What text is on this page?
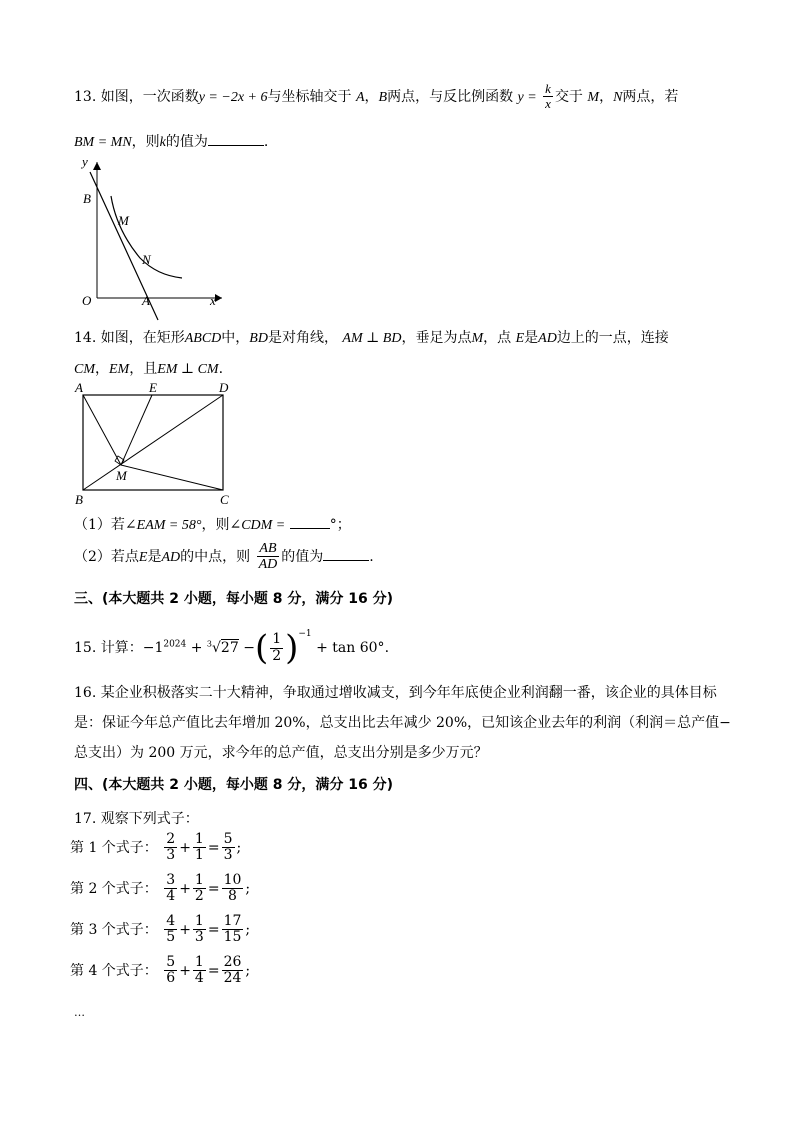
13. 如图，一次函数y = −2x + 6与坐标轴交于 A，B两点，与反比例函数 $y = \frac{k}{x}$ 交于 M，N两点，若
BM = MN，则k的值为	.
y
B
M
N
O	A	x
14. 如图，在矩形ABCD中，BD是对角线， AM ⊥ BD，垂足为点M，点 E是AD边上的一点，连接
CM，EM，且EM ⊥ CM.
A	E	D
M
B	C
（1）若∠EAM = 58°，则∠CDM =	°；
（2）若点E是AD的中点，则 $\frac{AB}{AD}$ 的值为	.
三、(本大题共 2 小题，每小题 8 分，满分 16 分)
15. 计算：$-1^{2024} + ^3√27$ −( $\frac{1}{2} )^{-1} + \tan 60^\circ$.
16. 某企业积极落实二十大精神，争取通过增收减支，到今年年底使企业利润翻一番，该企业的具体目标
是：保证今年总产值比去年增加 20%，总支出比去年减少 20%，已知该企业去年的利润（利润＝总产值−
总支出）为 200 万元，求今年的总产值，总支出分别是多少万元？
四、(本大题共 2 小题，每小题 8 分，满分 16 分)
17. 观察下列式子：
第 1 个式子： $\frac{2}{3} + \frac{1}{1} = \frac{5}{3}$ ;
第 2 个式子： $\frac{3}{4} + \frac{1}{2} = \frac{10}{8}$ ;
第 3 个式子： $\frac{4}{5} + \frac{1}{3} = \frac{17}{15}$ ;
第 4 个式子： $\frac{5}{6} + \frac{1}{4} = \frac{26}{24}$ ;
…
